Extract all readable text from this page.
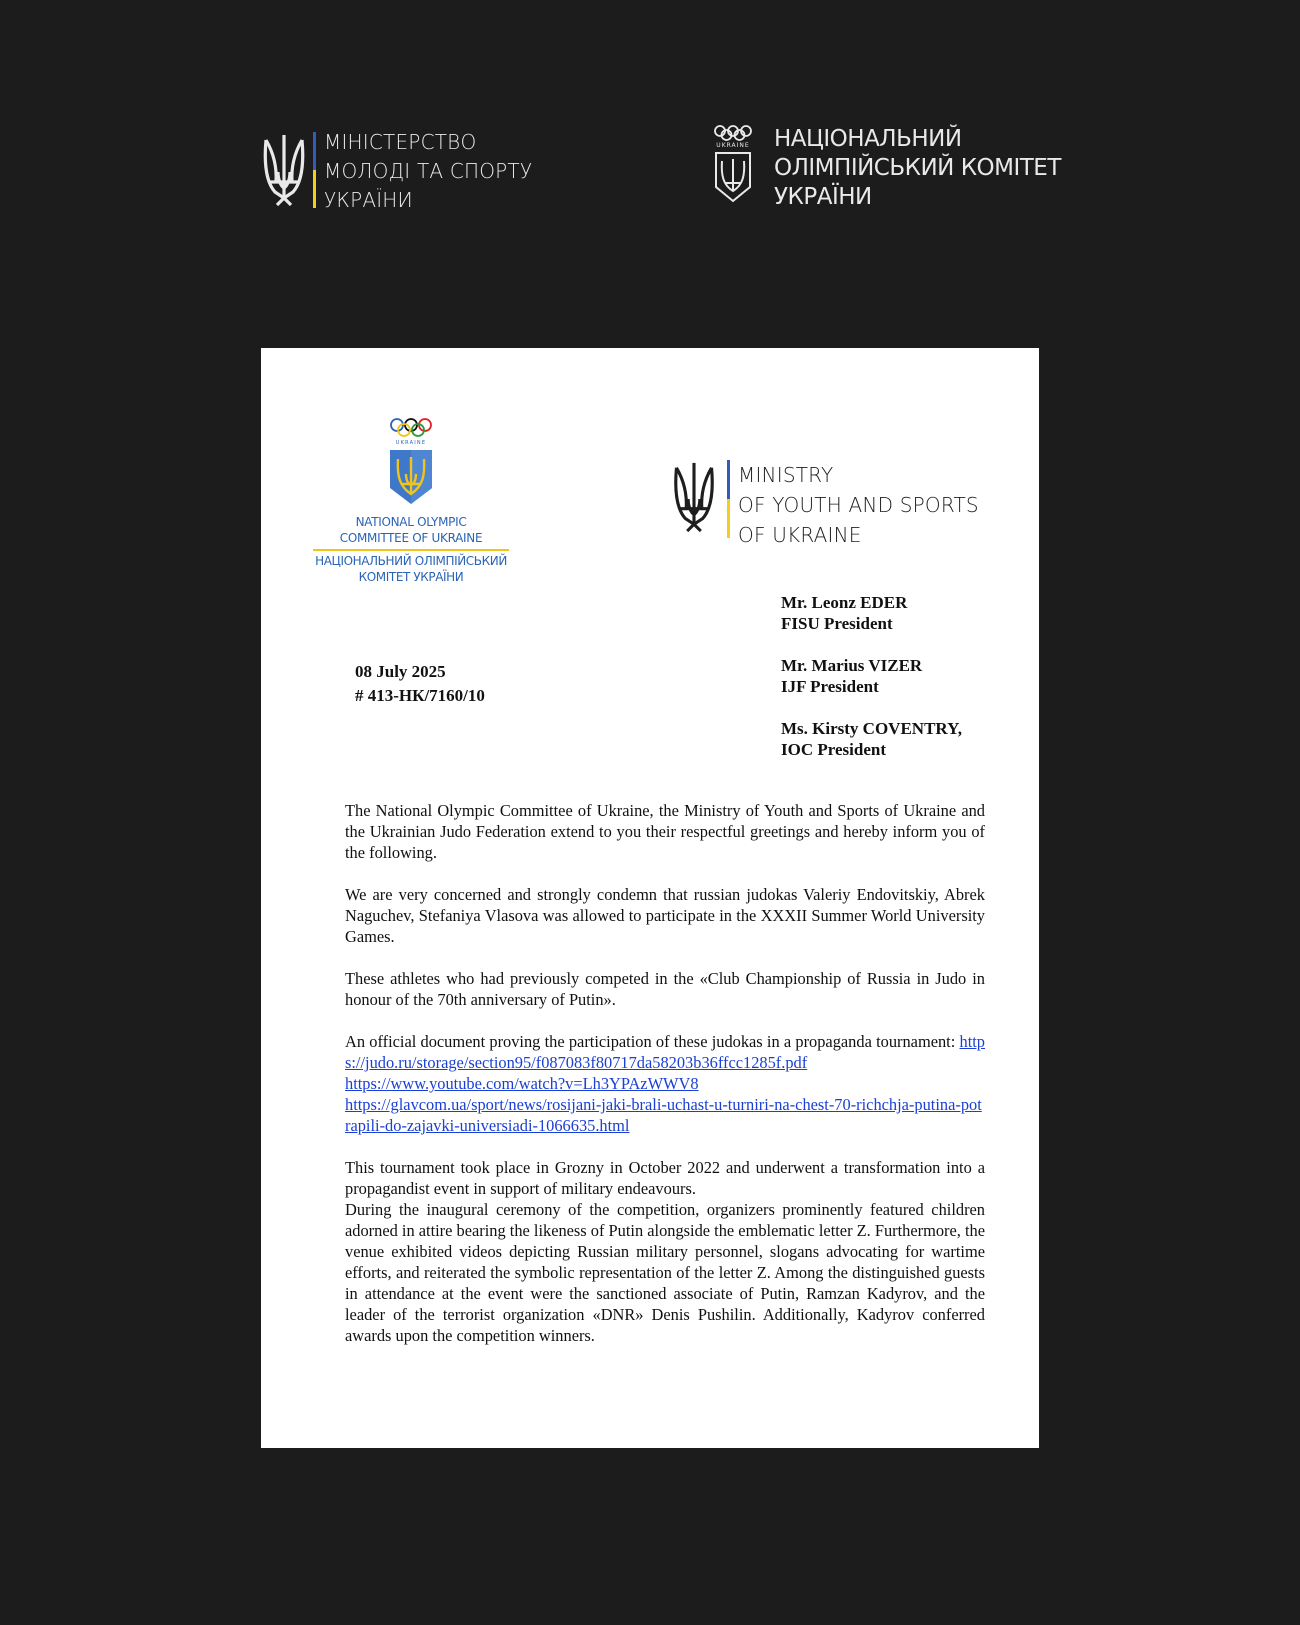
МІНІСТЕРСТВО
МОЛОДІ ТА СПОРТУ
УКРАЇНИ
UKRAINE НАЦІОНАЛЬНИЙ
ОЛІМПІЙСЬКИЙ КОМІТЕТ
УКРАЇНИ
UKRAINE
NATIONAL OLYMPIC
COMMITTEE OF UKRAINE
НАЦІОНАЛЬНИЙ ОЛІМПІЙСЬКИЙ
КОМІТЕТ УКРАЇНИ
MINISTRY
OF YOUTH AND SPORTS
OF UKRAINE
Mr. Leonz EDER
FISU President
Mr. Marius VIZER
IJF President
Ms. Kirsty COVENTRY,
IOC President
08 July 2025
# 413-НК/7160/10

The National Olympic Committee of Ukraine, the Ministry of Youth and Sports of Ukraine and the Ukrainian Judo Federation extend to you their respectful greetings and hereby inform you of the following.

We are very concerned and strongly condemn that russian judokas Valeriy Endovitskiy, Abrek Naguchev, Stefaniya Vlasova was allowed to participate in the XXXII Summer World University Games.

These athletes who had previously competed in the «Club Championship of Russia in Judo in honour of the 70th anniversary of Putin».

An official document proving the participation of these judokas in a propaganda tournament: https://judo.ru/storage/section95/f087083f80717da58203b36ffcc1285f.pdf
https://www.youtube.com/watch?v=Lh3YPAzWWV8
https://glavcom.ua/sport/news/rosijani-jaki-brali-uchast-u-turniri-na-chest-70-richchja-putina-potrapili-do-zajavki-universiadi-1066635.html

This tournament took place in Grozny in October 2022 and underwent a transformation into a propagandist event in support of military endeavours.

During the inaugural ceremony of the competition, organizers prominently featured children adorned in attire bearing the likeness of Putin alongside the emblematic letter Z. Furthermore, the venue exhibited videos depicting Russian military personnel, slogans advocating for wartime efforts, and reiterated the symbolic representation of the letter Z. Among the distinguished guests in attendance at the event were the sanctioned associate of Putin, Ramzan Kadyrov, and the leader of the terrorist organization «DNR» Denis Pushilin. Additionally, Kadyrov conferred awards upon the competition winners.
